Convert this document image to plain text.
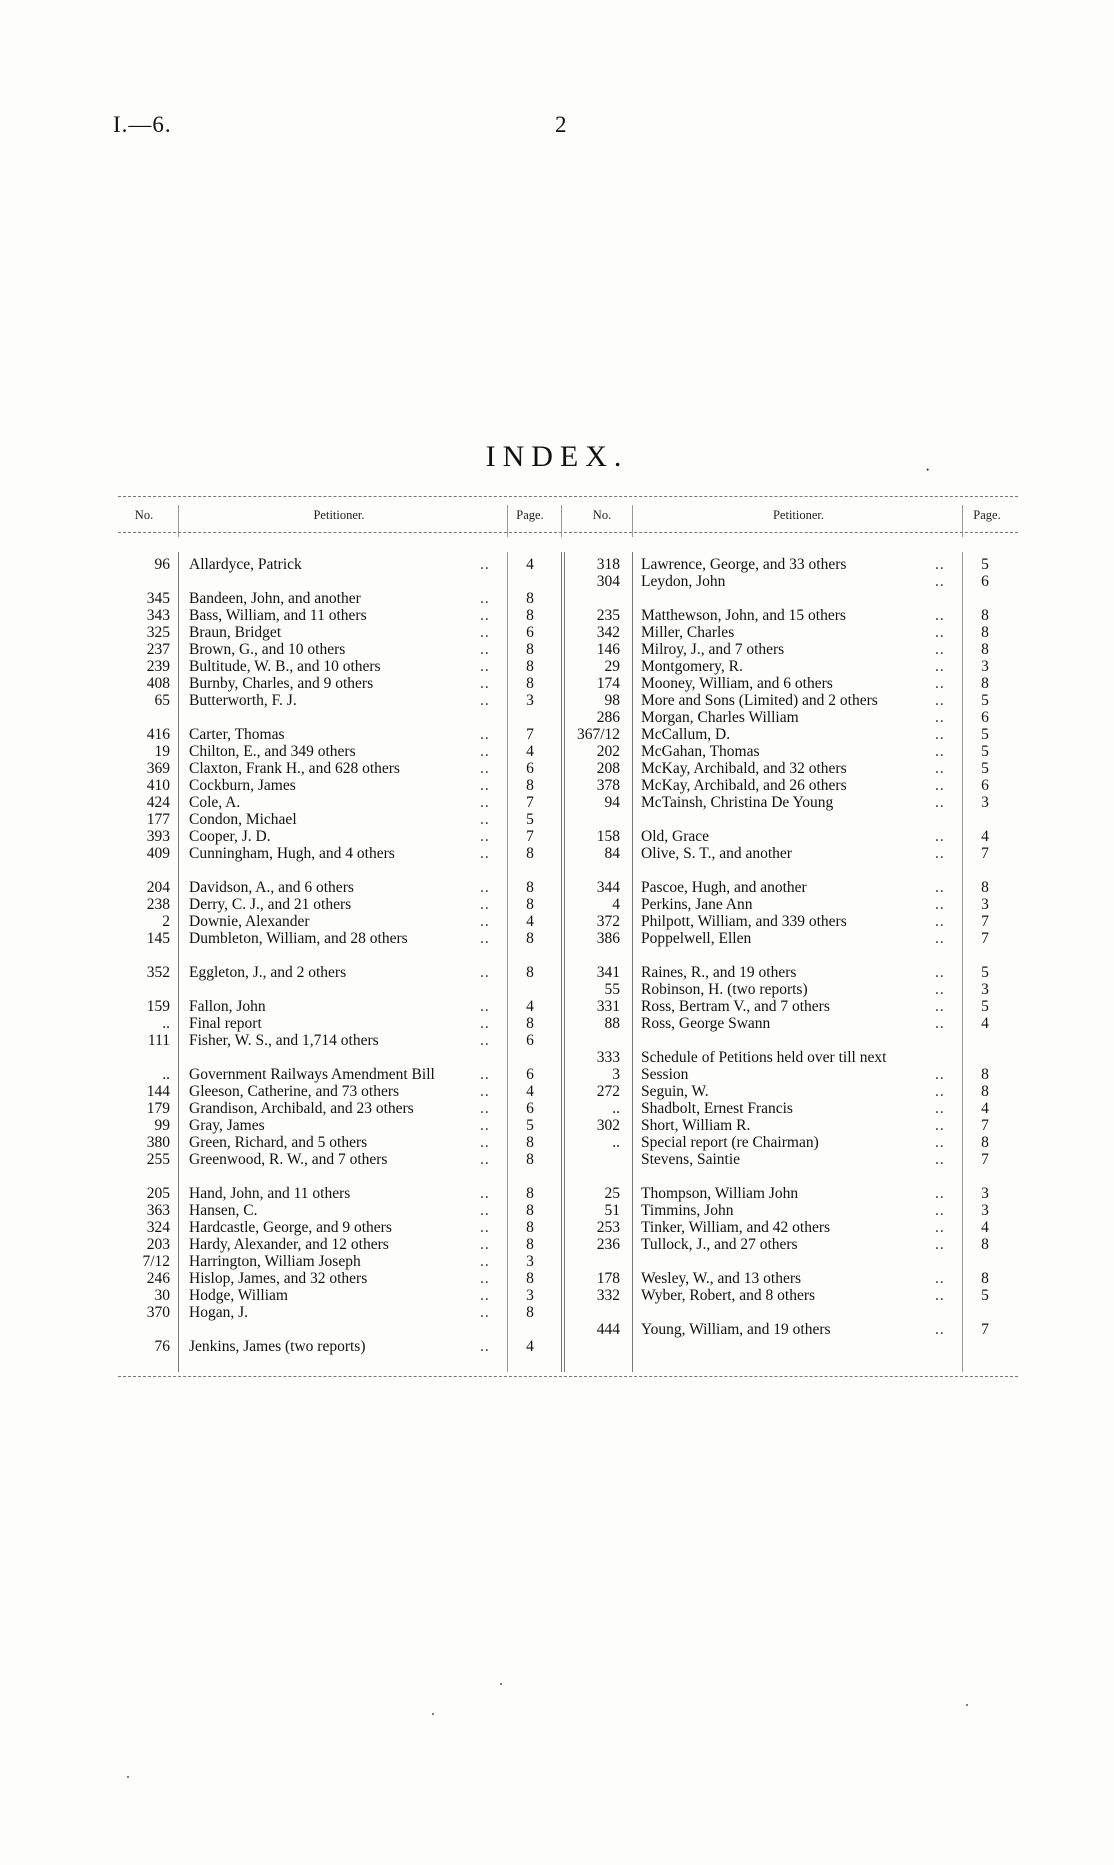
I.—6.	2
INDEX.	·
No.	Petitioner.	Page.	No.	Petitioner.	Page.
96 Allardyce, Patrick	..	4
345 Bandeen, John, and another	..	8
343 Bass, William, and 11 others	..	8
325 Braun, Bridget	..	6
237 Brown, G., and 10 others	..	8
239 Bultitude, W. B., and 10 others	..	8
408 Burnby, Charles, and 9 others	..	8
65 Butterworth, F. J.	..	3
416 Carter, Thomas	..	7
19 Chilton, E., and 349 others	..	4
369 Claxton, Frank H., and 628 others	..	6
410 Cockburn, James	..	8
424 Cole, A.	..	7
177 Condon, Michael	..	5
393 Cooper, J. D.	..	7
409 Cunningham, Hugh, and 4 others	..	8
204 Davidson, A., and 6 others	..	8
238 Derry, C. J., and 21 others	..	8
2 Downie, Alexander	..	4
145 Dumbleton, William, and 28 others	..	8
352 Eggleton, J., and 2 others	..	8
159 Fallon, John	..	4
.. Final report	..	8
111 Fisher, W. S., and 1,714 others	..	6
.. Government Railways Amendment Bill	..	6
144 Gleeson, Catherine, and 73 others	..	4
179 Grandison, Archibald, and 23 others	..	6
99 Gray, James	..	5
380 Green, Richard, and 5 others	..	8
255 Greenwood, R. W., and 7 others	..	8
205 Hand, John, and 11 others	..	8
363 Hansen, C.	..	8
324 Hardcastle, George, and 9 others	..	8
203 Hardy, Alexander, and 12 others	..	8
7/12 Harrington, William Joseph	..	3
246 Hislop, James, and 32 others	..	8
30 Hodge, William	..	3
370 Hogan, J.	..	8
76 Jenkins, James (two reports)	..	4
318 Lawrence, George, and 33 others	..	5
304 Leydon, John	..	6
235 Matthewson, John, and 15 others	..	8
342 Miller, Charles	..	8
146 Milroy, J., and 7 others	..	8
29 Montgomery, R.	..	3
174 Mooney, William, and 6 others	..	8
98 More and Sons (Limited) and 2 others	..	5
286 Morgan, Charles William	..	6
367/12 McCallum, D.	..	5
202 McGahan, Thomas	..	5
208 McKay, Archibald, and 32 others	..	5
378 McKay, Archibald, and 26 others	..	6
94 McTainsh, Christina De Young	..	3
158 Old, Grace	..	4
84 Olive, S. T., and another	..	7
344 Pascoe, Hugh, and another	..	8
4 Perkins, Jane Ann	..	3
372 Philpott, William, and 339 others	..	7
386 Poppelwell, Ellen	..	7
341 Raines, R., and 19 others	..	5
55 Robinson, H. (two reports)	..	3
331 Ross, Bertram V., and 7 others	..	5
88 Ross, George Swann	..	4
333 Schedule of Petitions held over till next
3 Session	..	8
272 Seguin, W.	..	8
.. Shadbolt, Ernest Francis	..	4
302 Short, William R.	..	7
.. Special report (re Chairman)	..	8
Stevens, Saintie	..	7
25 Thompson, William John	..	3
51 Timmins, John	..	3
253 Tinker, William, and 42 others	..	4
236 Tullock, J., and 27 others	..	8
178 Wesley, W., and 13 others	..	8
332 Wyber, Robert, and 8 others	..	5
444 Young, William, and 19 others	..	7
